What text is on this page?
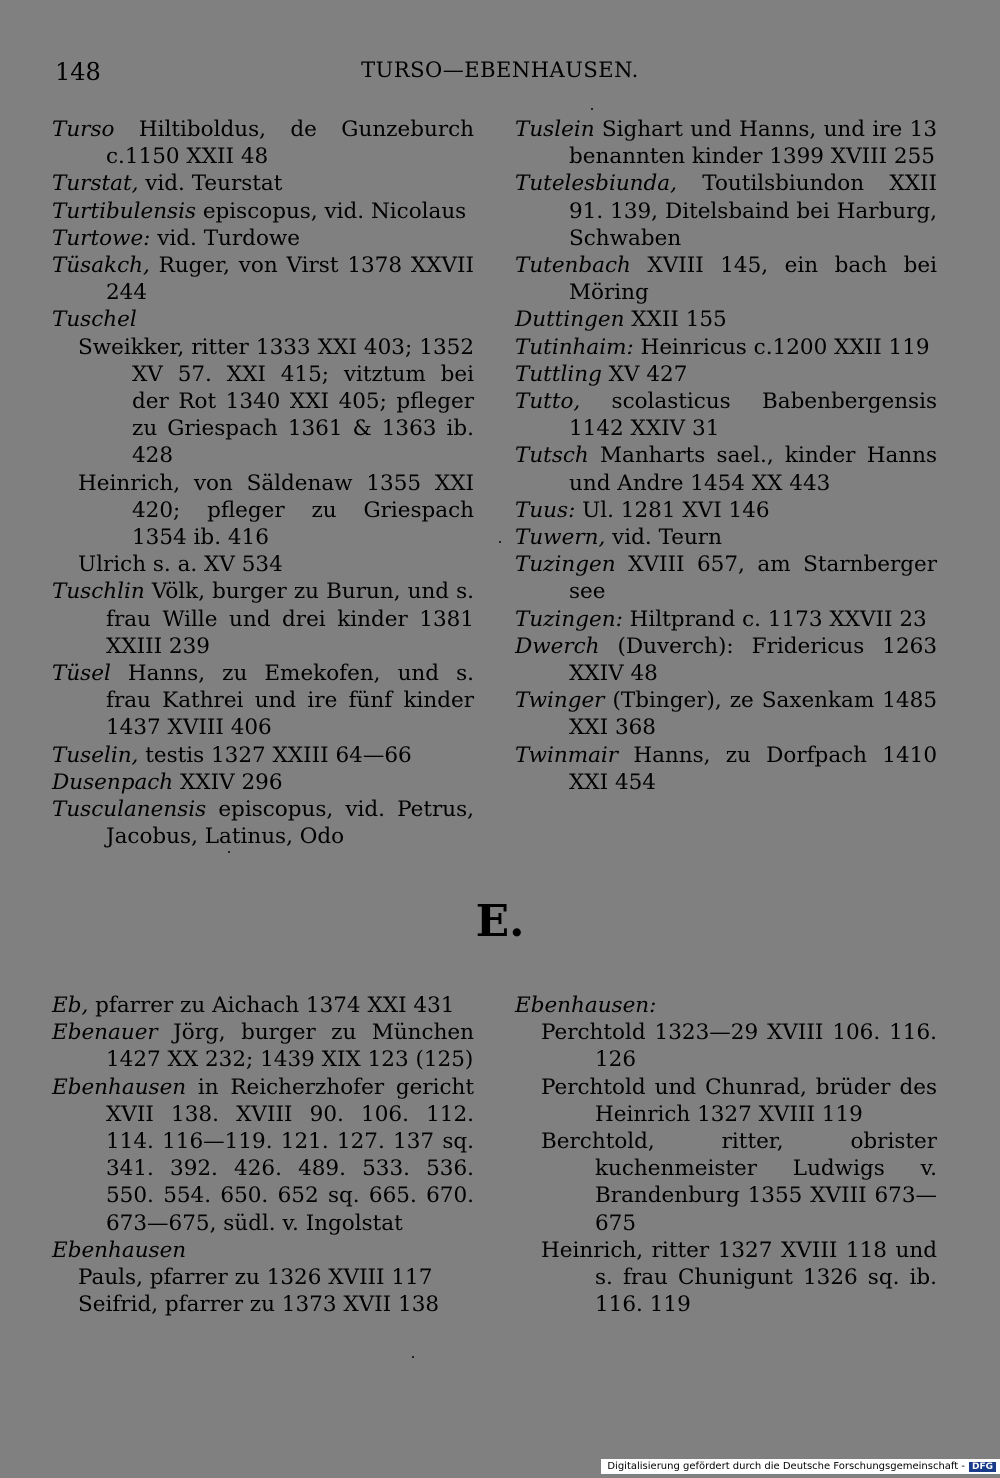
148	TURSO—EBENHAUSEN.
Turso Hiltiboldus, de Gunzeburch c.1150 XXII 48
Turstat, vid. Teurstat
Turtibulensis episcopus, vid. Nicolaus
Turtowe: vid. Turdowe
Tüsakch, Ruger, von Virst 1378 XXVII 244
Tuschel
Sweikker, ritter 1333 XXI 403; 1352 XV 57. XXI 415; vitztum bei der Rot 1340 XXI 405; pfleger zu Griespach 1361 & 1363 ib. 428
Heinrich, von Säldenaw 1355 XXI 420; pfleger zu Griespach 1354 ib. 416
Ulrich s. a. XV 534
Tuschlin Völk, burger zu Burun, und s. frau Wille und drei kinder 1381 XXIII 239
Tüsel Hanns, zu Emekofen, und s. frau Kathrei und ire fünf kinder 1437 XVIII 406
Tuselin, testis 1327 XXIII 64—66
Dusenpach XXIV 296
Tusculanensis episcopus, vid. Petrus, Jacobus, Latinus, Odo
Tuslein Sighart und Hanns, und ire 13 benannten kinder 1399 XVIII 255
Tutelesbiunda, Toutilsbiundon XXII 91. 139, Ditelsbaind bei Harburg, Schwaben
Tutenbach XVIII 145, ein bach bei Möring
Duttingen XXII 155
Tutinhaim: Heinricus c.1200 XXII 119
Tuttling XV 427
Tutto, scolasticus Babenbergensis 1142 XXIV 31
Tutsch Manharts sael., kinder Hanns und Andre 1454 XX 443
Tuus: Ul. 1281 XVI 146
Tuwern, vid. Teurn
Tuzingen XVIII 657, am Starnberger see
Tuzingen: Hiltprand c. 1173 XXVII 23
Dwerch (Duverch): Fridericus 1263 XXIV 48
Twinger (Tbinger), ze Saxenkam 1485 XXI 368
Twinmair Hanns, zu Dorfpach 1410 XXI 454
E.
Eb, pfarrer zu Aichach 1374 XXI 431
Ebenauer Jörg, burger zu München 1427 XX 232; 1439 XIX 123 (125)
Ebenhausen in Reicherzhofer gericht XVII 138. XVIII 90. 106. 112. 114. 116—119. 121. 127. 137 sq. 341. 392. 426. 489. 533. 536. 550. 554. 650. 652 sq. 665. 670. 673—675, südl. v. Ingolstat
Ebenhausen
Pauls, pfarrer zu 1326 XVIII 117
Seifrid, pfarrer zu 1373 XVII 138
Ebenhausen:
Perchtold 1323—29 XVIII 106. 116. 126
Perchtold und Chunrad, brüder des Heinrich 1327 XVIII 119
Berchtold, ritter, obrister kuchenmeister Ludwigs v. Brandenburg 1355 XVIII 673—675
Heinrich, ritter 1327 XVIII 118 und s. frau Chunigunt 1326 sq. ib. 116. 119
Digitalisierung gefördert durch die Deutsche Forschungsgemeinschaft - DFG
